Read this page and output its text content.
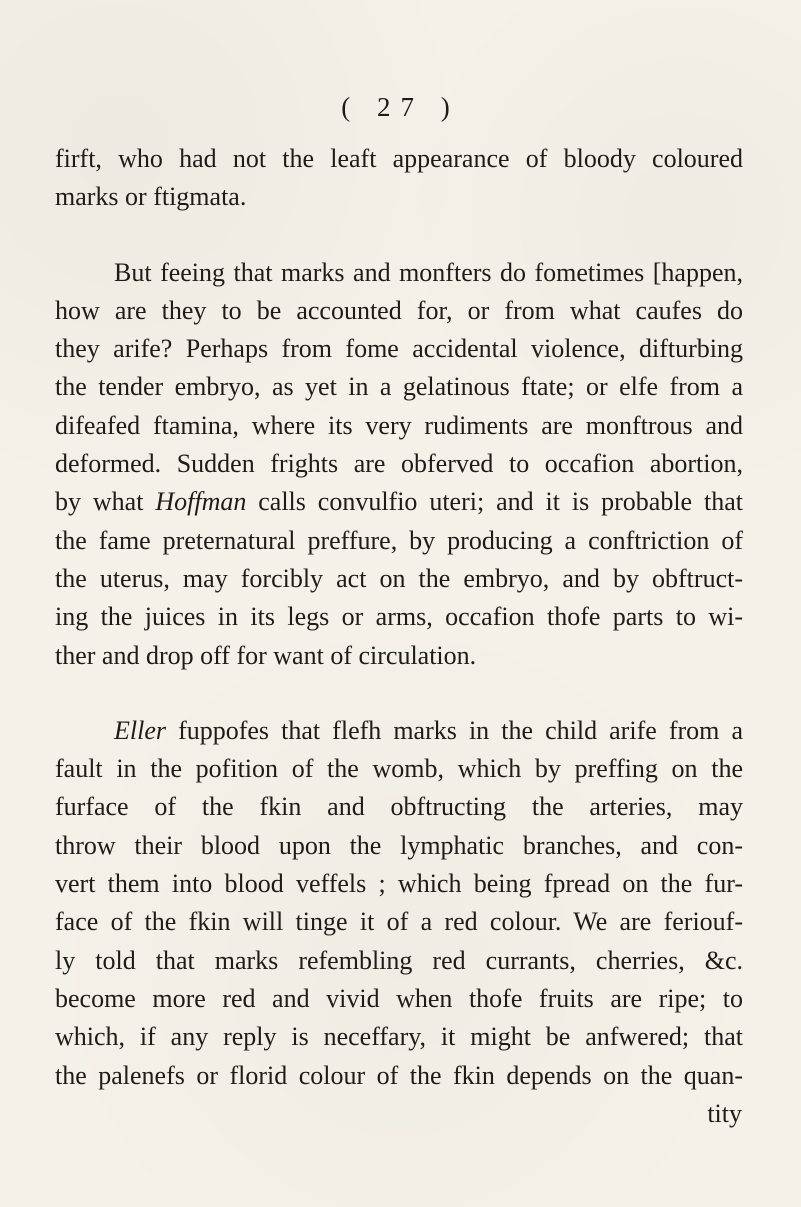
( 27 )
firft, who had not the leaft appearance of bloody coloured
marks or ftigmata.
But feeing that marks and monfters do fometimes [happen,
how are they to be accounted for, or from what caufes do
they arife? Perhaps from fome accidental violence, difturbing
the tender embryo, as yet in a gelatinous ftate; or elfe from a
difeafed ftamina, where its very rudiments are monftrous and
deformed. Sudden frights are obferved to occafion abortion,
by what Hoffman calls convulfio uteri; and it is probable that
the fame preternatural preffure, by producing a conftriction of
the uterus, may forcibly act on the embryo, and by obftruct-
ing the juices in its legs or arms, occafion thofe parts to wi-
ther and drop off for want of circulation.
Eller fuppofes that flefh marks in the child arife from a
fault in the pofition of the womb, which by preffing on the
furface of the fkin and obftructing the arteries, may
throw their blood upon the lymphatic branches, and con-
vert them into blood veffels ; which being fpread on the fur-
face of the fkin will tinge it of a red colour. We are feriouf-
ly told that marks refembling red currants, cherries, &c.
become more red and vivid when thofe fruits are ripe; to
which, if any reply is neceffary, it might be anfwered; that
the palenefs or florid colour of the fkin depends on the quan-
tity
